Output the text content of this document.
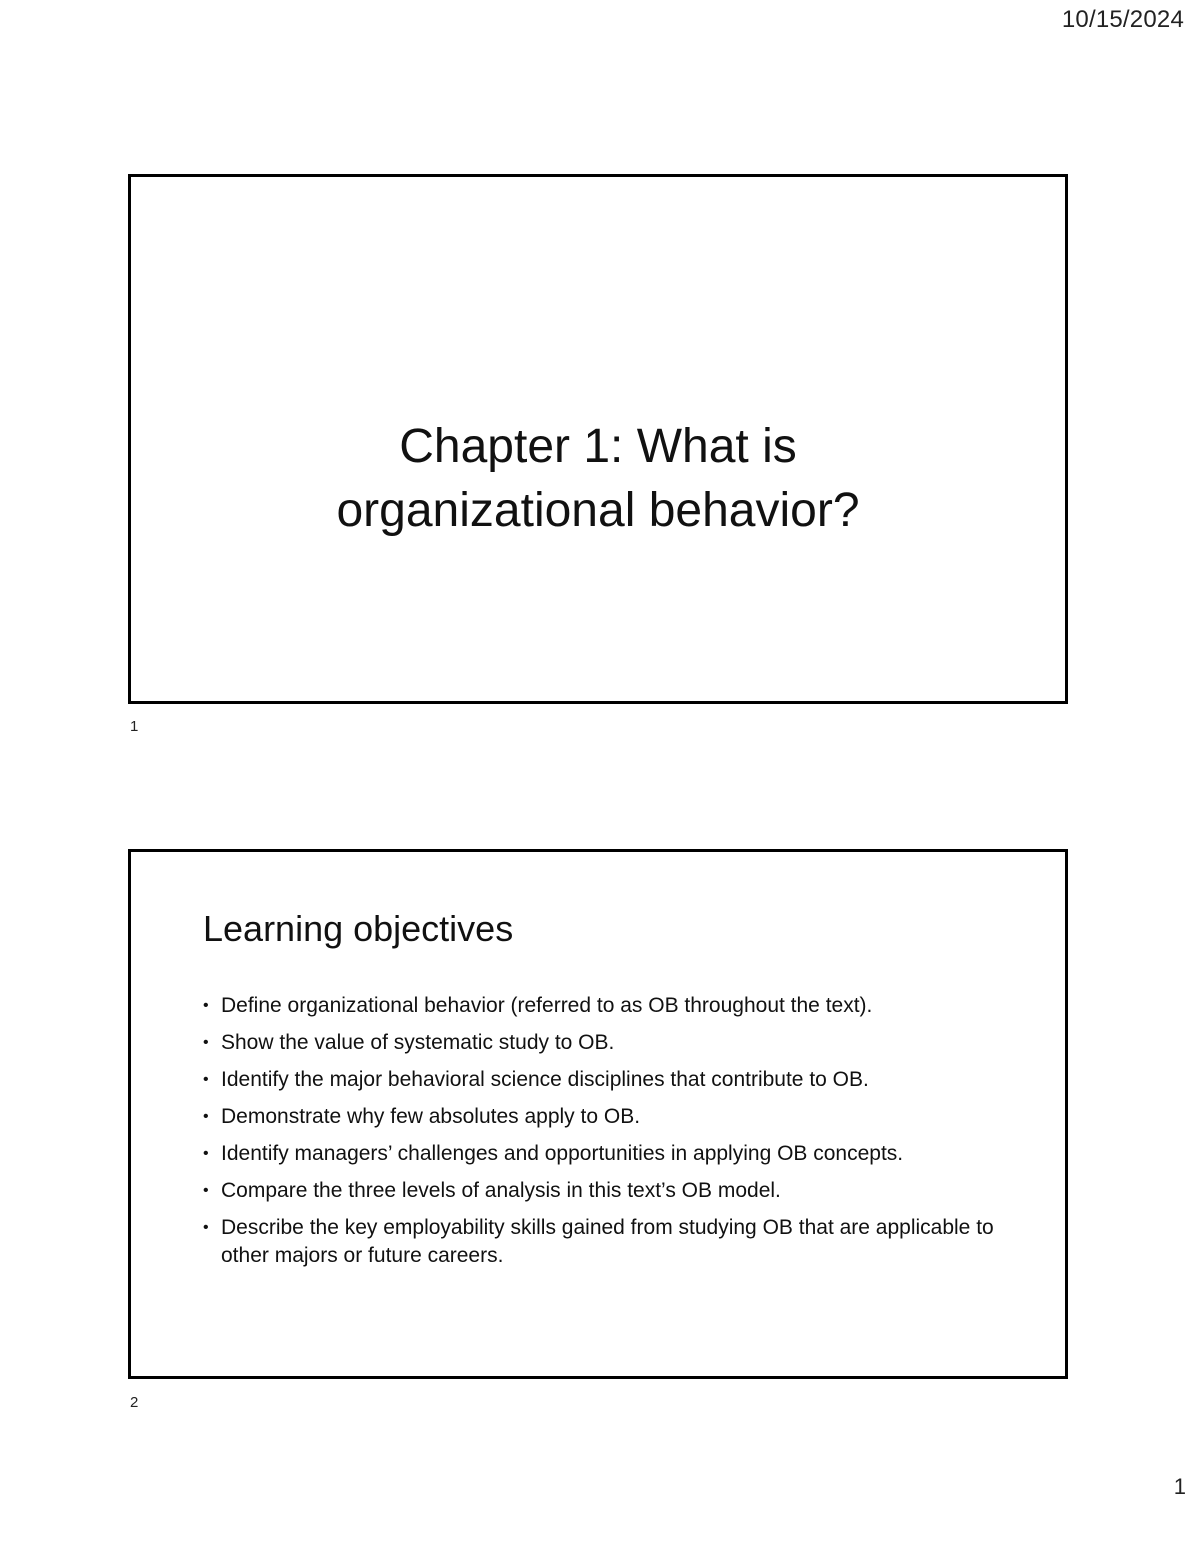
10/15/2024
Chapter 1: What is organizational behavior?
1
Learning objectives
• Define organizational behavior (referred to as OB throughout the text).
• Show the value of systematic study to OB.
• Identify the major behavioral science disciplines that contribute to OB.
• Demonstrate why few absolutes apply to OB.
• Identify managers’ challenges and opportunities in applying OB concepts.
• Compare the three levels of analysis in this text’s OB model.
• Describe the key employability skills gained from studying OB that are applicable to other majors or future careers.
2
1
